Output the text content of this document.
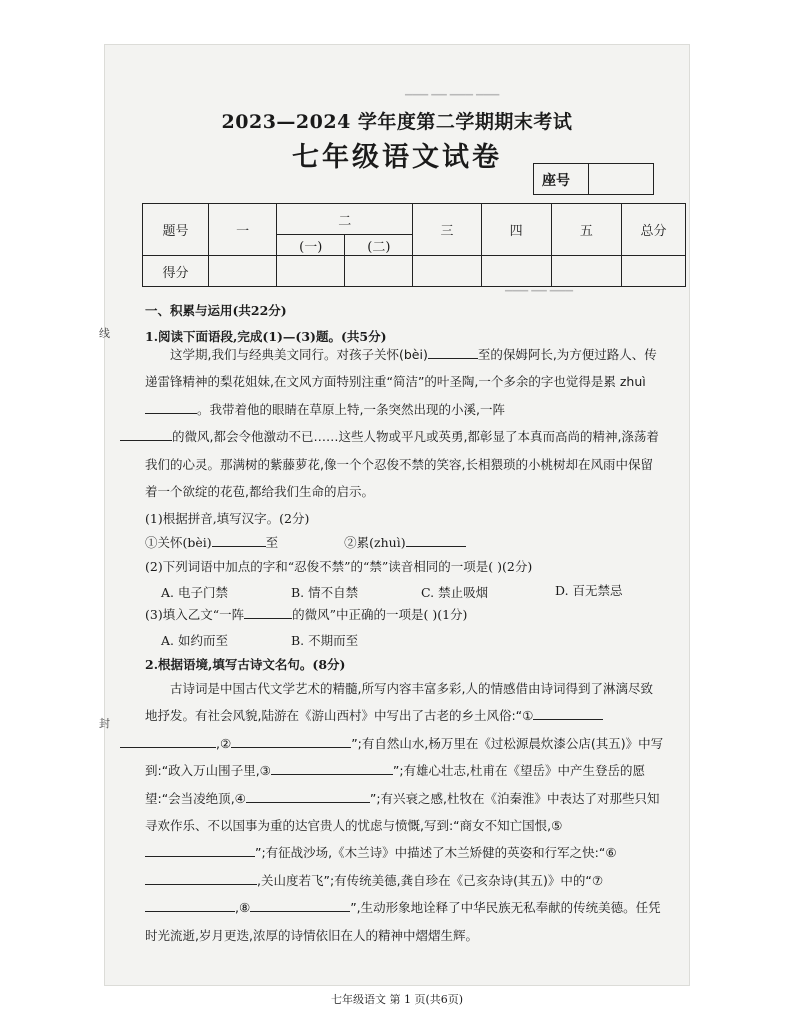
▁▁▁ ▁▁ ▁▁▁ ▁▁▁
▁▁▁ ▁▁ ▁▁▁
2023—2024 学年度第二学期期末考试
七年级语文试卷
座号
题号	一	二		三	四	五	总分
		(一)	(二)				
得分							
一、积累与运用(共22分)
1.阅读下面语段,完成(1)—(3)题。(共5分)
这学期,我们与经典美文同行。对孩子关怀(bèi)	至的保姆阿长,为方便过路人、传递雷锋精神的梨花姐妹,在文风方面特别注重“简洁”的叶圣陶,一个多余的字也觉得是累 zhuì。我带着他的眼睛在草原上特,一条突然出现的小溪,一阵
的微风,都会令他激动不已……这些人物或平凡或英勇,都彰显了本真而高尚的精神,涤荡着我们的心灵。那满树的紫藤萝花,像一个个忍俊不禁的笑容,长相猥琐的小桃树却在风雨中保留着一个欲绽的花苞,都给我们生命的启示。
(1)根据拼音,填写汉字。(2分)
①关怀(bèi)	至	②累(zhuì)
(2)下列词语中加点的字和“忍俊不禁”的“禁”读音相同的一项是( )(2分)
A. 电子门禁	B. 情不自禁	C. 禁止吸烟	D. 百无禁忌
(3)填入乙文“一阵	的微风”中正确的一项是( )(1分)
A. 如约而至	B. 不期而至
2.根据语境,填写古诗文名句。(8分)
古诗词是中国古代文学艺术的精髓,所写内容丰富多彩,人的情感借由诗词得到了淋漓尽致地抒发。有社会风貌,陆游在《游山西村》中写出了古老的乡土风俗:“①
,②	”;有自然山水,杨万里在《过松源晨炊漆公店(其五)》中写到:“政入万山围子里,③	”;有雄心壮志,杜甫在《望岳》中产生登岳的愿望:“会当凌绝顶,④	”;有兴衰之感,杜牧在《泊秦淮》中表达了对那些只知寻欢作乐、不以国事为重的达官贵人的忧虑与愤慨,写到:“商女不知亡国恨,⑤”;有征战沙场,《木兰诗》中描述了木兰矫健的英姿和行军之快:“⑥,关山度若飞”;有传统美德,龚自珍在《己亥杂诗(其五)》中的“⑦,⑧	”,生动形象地诠释了中华民族无私奉献的传统美德。任凭时光流逝,岁月更迭,浓厚的诗情依旧在人的精神中熠熠生辉。
七年级语文 第 1 页(共6页)
线
封
